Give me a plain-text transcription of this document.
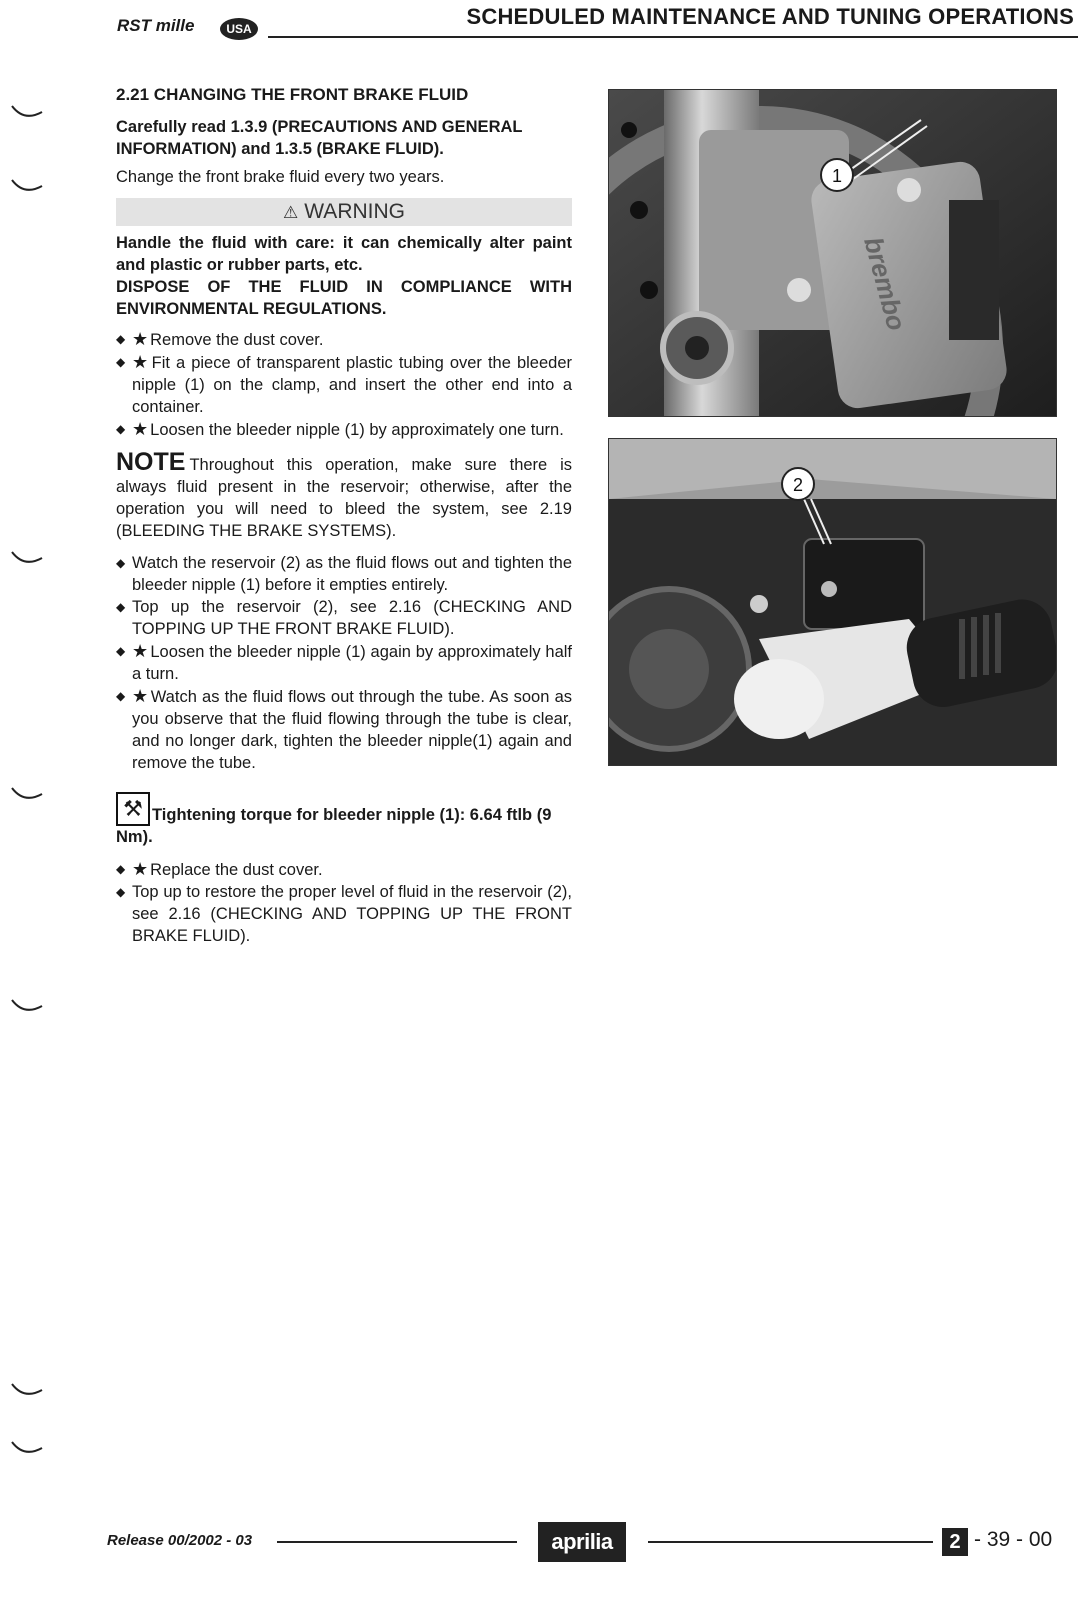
RST mille	USA	SCHEDULED MAINTENANCE AND TUNING OPERATIONS
2.21 CHANGING THE FRONT BRAKE FLUID
Carefully read 1.3.9 (PRECAUTIONS AND GENERAL INFORMATION) and 1.3.5 (BRAKE FLUID).

Change the front brake fluid every two years.

⚠ WARNING
Handle the fluid with care: it can chemically alter paint and plastic or rubber parts, etc.
DISPOSE OF THE FLUID IN COMPLIANCE WITH ENVIRONMENTAL REGULATIONS.
◆ ★ Remove the dust cover.
◆ ★ Fit a piece of transparent plastic tubing over the bleeder nipple (1) on the clamp, and insert the other end into a container.
◆ ★ Loosen the bleeder nipple (1) by approximately one turn.
NOTE Throughout this operation, make sure there is always fluid present in the reservoir; otherwise, after the operation you will need to bleed the system, see 2.19 (BLEEDING THE BRAKE SYSTEMS).
◆ Watch the reservoir (2) as the fluid flows out and tighten the bleeder nipple (1) before it empties entirely.
◆ Top up the reservoir (2), see 2.16 (CHECKING AND TOPPING UP THE FRONT BRAKE FLUID).
◆ ★ Loosen the bleeder nipple (1) again by approximately half a turn.
◆ ★ Watch as the fluid flows out through the tube. As soon as you observe that the fluid flowing through the tube is clear, and no longer dark, tighten the bleeder nipple(1) again and remove the tube.
⚒ Tightening torque for bleeder nipple (1): 6.64 ftlb (9 Nm).
◆ ★ Replace the dust cover.
◆ Top up to restore the proper level of fluid in the reservoir (2), see 2.16 (CHECKING AND TOPPING UP THE FRONT BRAKE FLUID).
brembo
1
2
Release 00/2002 - 03	aprilia	2 - 39 - 00
